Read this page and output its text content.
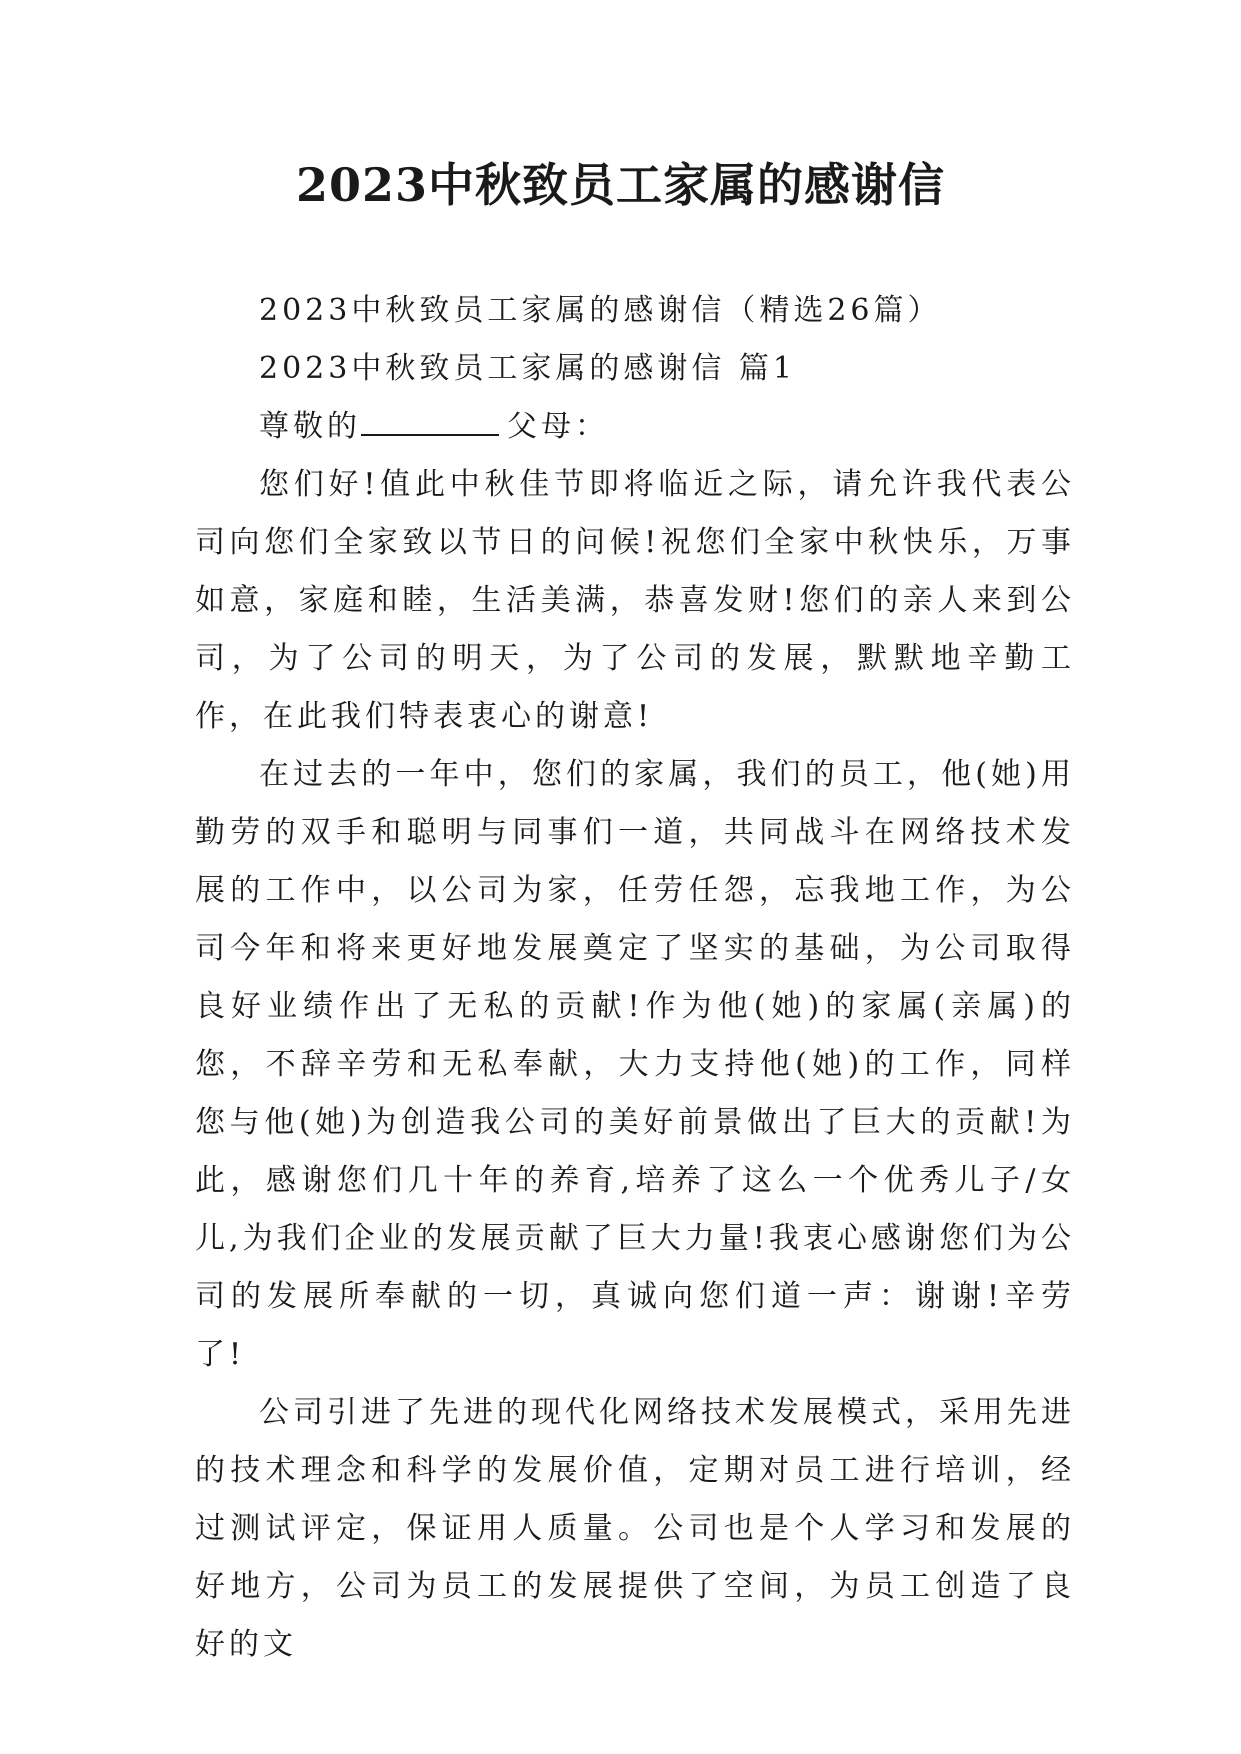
2023中秋致员工家属的感谢信

2023中秋致员工家属的感谢信（精选26篇）

2023中秋致员工家属的感谢信 篇1

尊敬的	父母：

您们好!值此中秋佳节即将临近之际，请允许我代表公司向您们全家致以节日的问候!祝您们全家中秋快乐，万事如意，家庭和睦，生活美满，恭喜发财!您们的亲人来到公司，为了公司的明天，为了公司的发展，默默地辛勤工作，在此我们特表衷心的谢意!

在过去的一年中，您们的家属，我们的员工，他(她)用勤劳的双手和聪明与同事们一道，共同战斗在网络技术发展的工作中，以公司为家，任劳任怨，忘我地工作，为公司今年和将来更好地发展奠定了坚实的基础，为公司取得良好业绩作出了无私的贡献!作为他(她)的家属(亲属)的您，不辞辛劳和无私奉献，大力支持他(她)的工作，同样您与他(她)为创造我公司的美好前景做出了巨大的贡献!为此，感谢您们几十年的养育,培养了这么一个优秀儿子/女儿,为我们企业的发展贡献了巨大力量!我衷心感谢您们为公司的发展所奉献的一切，真诚向您们道一声：谢谢!辛劳了!

公司引进了先进的现代化网络技术发展模式，采用先进的技术理念和科学的发展价值，定期对员工进行培训，经过测试评定，保证用人质量。公司也是个人学习和发展的好地方，公司为员工的发展提供了空间，为员工创造了良好的文
